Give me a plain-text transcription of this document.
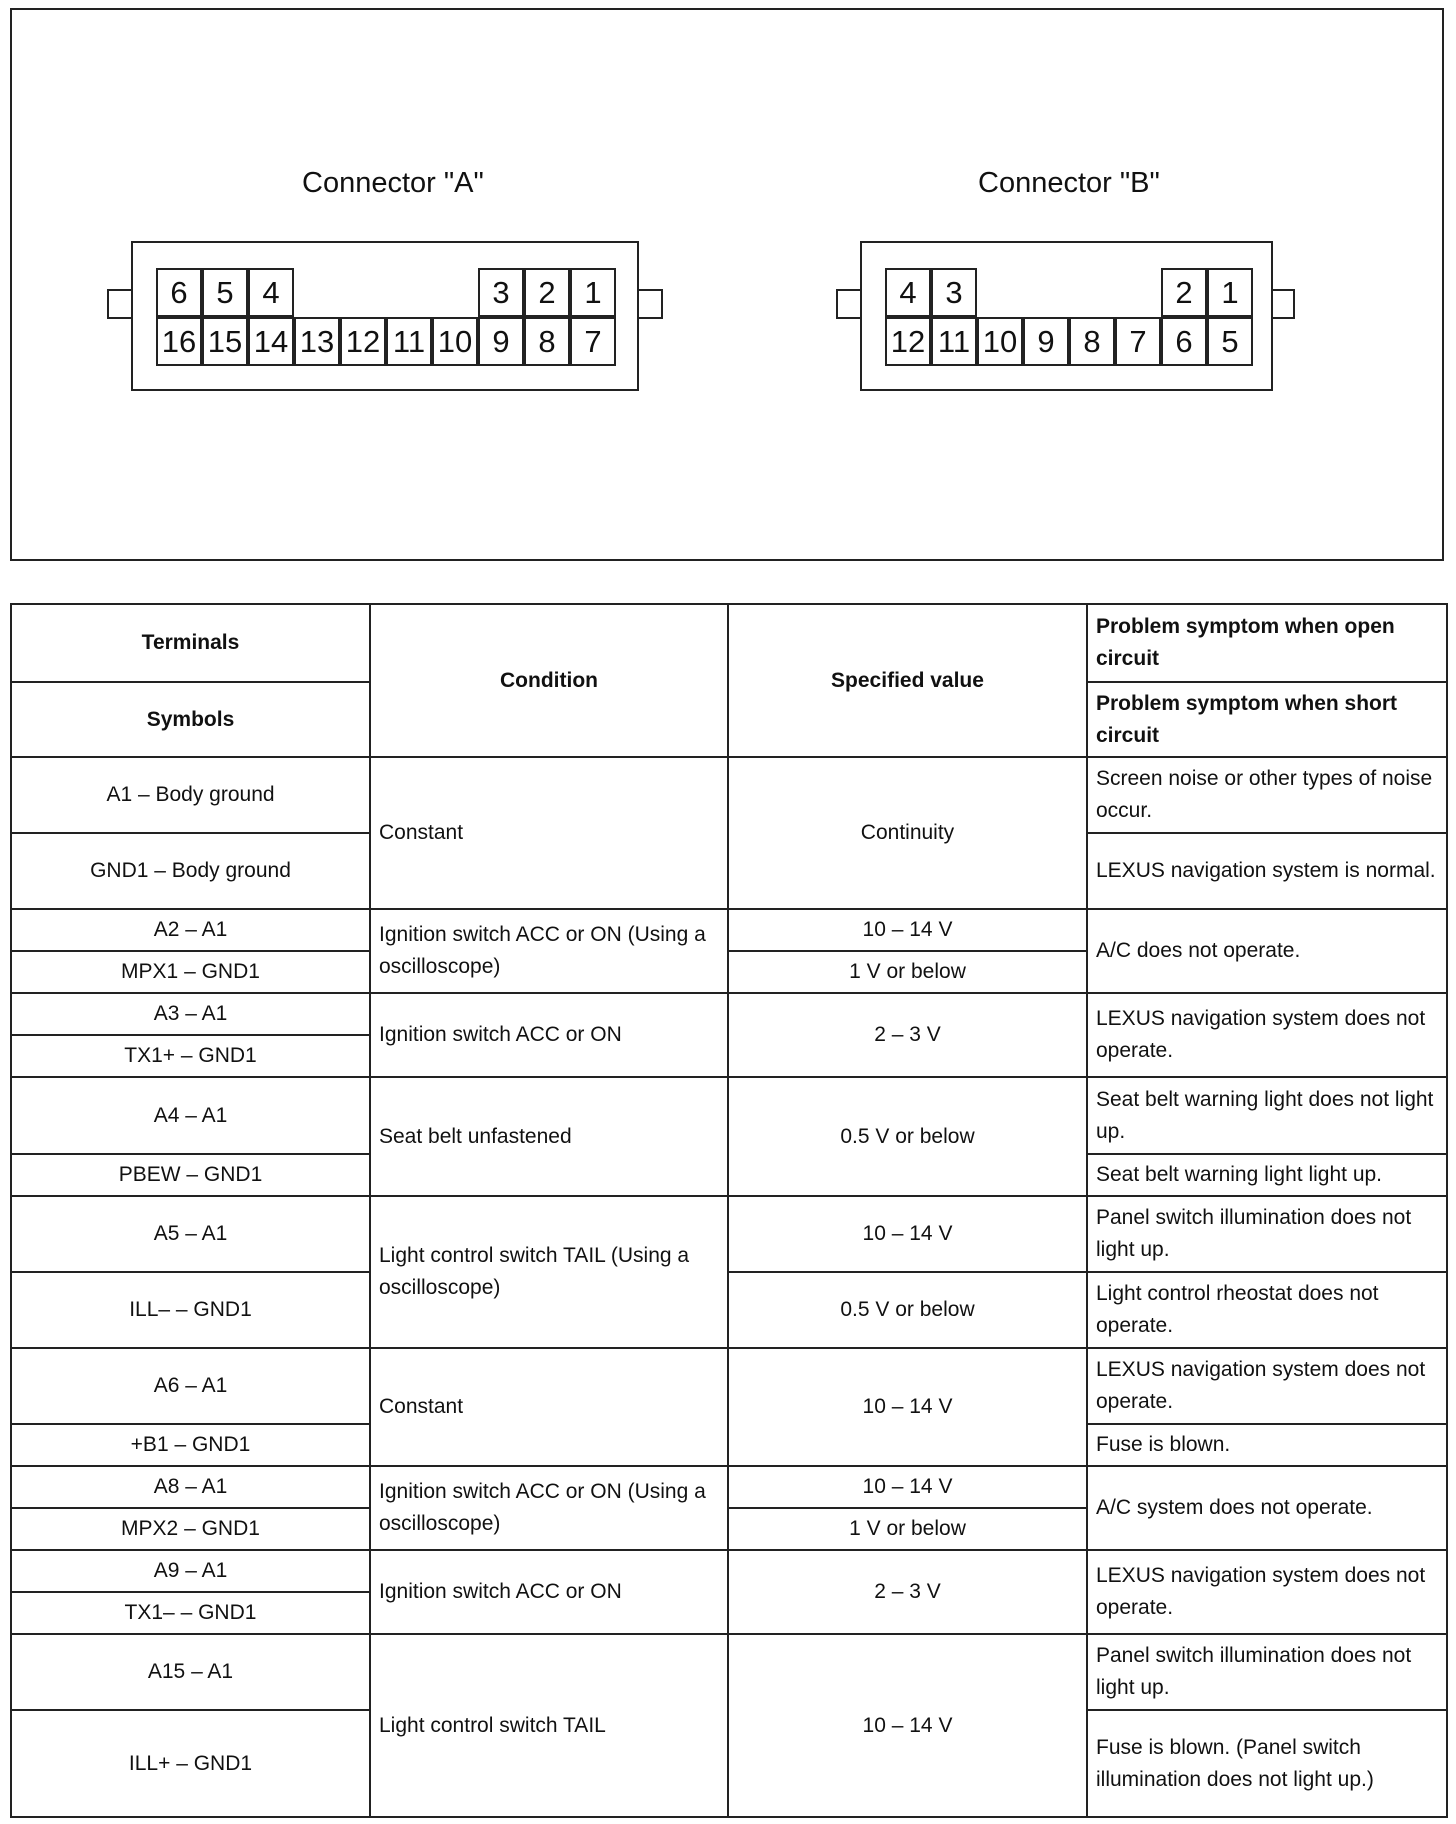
Connector "A"
6 5 4	3 2 1
16 15 14 13 12 11 10 9 8 7
Connector "B"
4 3	2 1
12 11 10 9 8 7 6 5
Terminals	Condition	Specified value	Problem symptom when open circuit
Symbols			Problem symptom when short circuit
A1 – Body ground	Constant	Continuity	Screen noise or other types of noise occur.
GND1 – Body ground			LEXUS navigation system is normal.
A2 – A1	Ignition switch ACC or ON (Using a oscilloscope)	10 – 14 V	A/C does not operate.
MPX1 – GND1		1 V or below	
A3 – A1	Ignition switch ACC or ON	2 – 3 V	LEXUS navigation system does not operate.
TX1+ – GND1			
A4 – A1	Seat belt unfastened	0.5 V or below	Seat belt warning light does not light up.
PBEW – GND1			Seat belt warning light light up.
A5 – A1	Light control switch TAIL (Using a oscilloscope)	10 – 14 V	Panel switch illumination does not light up.
ILL– – GND1		0.5 V or below	Light control rheostat does not operate.
A6 – A1	Constant	10 – 14 V	LEXUS navigation system does not operate.
+B1 – GND1			Fuse is blown.
A8 – A1	Ignition switch ACC or ON (Using a oscilloscope)	10 – 14 V	A/C system does not operate.
MPX2 – GND1		1 V or below	
A9 – A1	Ignition switch ACC or ON	2 – 3 V	LEXUS navigation system does not operate.
TX1– – GND1			
A15 – A1	Light control switch TAIL	10 – 14 V	Panel switch illumination does not light up.
ILL+ – GND1			Fuse is blown. (Panel switch illumination does not light up.)
